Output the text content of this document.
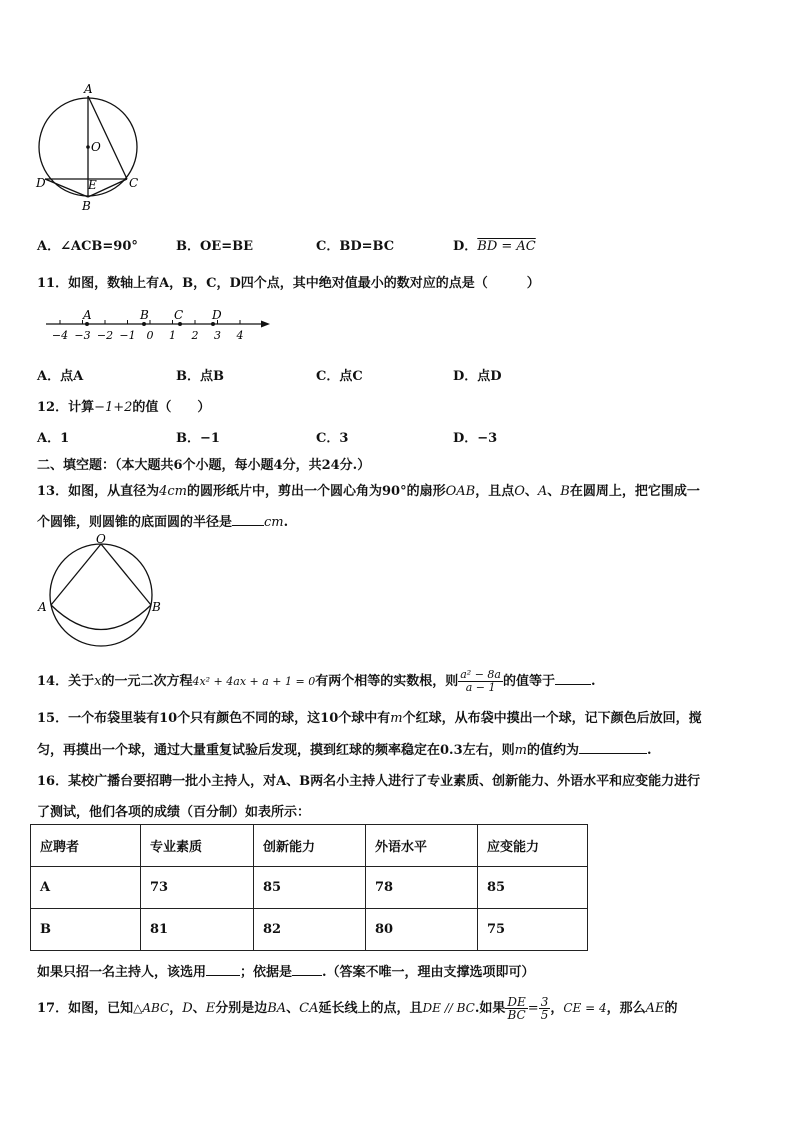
A
O
D	E	C
B
A．∠ACB=90°	B．OE=BE	C．BD=BC	D．BD = AC
11．如图，数轴上有A，B，C，D四个点，其中绝对值最小的数对应的点是（　　　）
−4 −3 −2 −1 0 1 2 3 4
A	B C D
A．点A	B．点B	C．点C	D．点D
12．计算−1+2的值（　　）
A．1	B．−1	C．3	D．−3
二、填空题：（本大题共6个小题，每小题4分，共24分.）
13．如图，从直径为4cm的圆形纸片中，剪出一个圆心角为90°的扇形OAB，且点O、A、B在圆周上，把它围成一
个圆锥，则圆锥的底面圆的半径是 cm.
O
A	B
14．关于x的一元二次方程4x² + 4ax + a + 1 = 0有两个相等的实数根，则 $\frac{\text{a² − 8a}}{a - 1}$ 的值等于	.
15．一个布袋里装有10个只有颜色不同的球，这10个球中有m个红球，从布袋中摸出一个球，记下颜色后放回，搅
匀，再摸出一个球，通过大量重复试验后发现，摸到红球的频率稳定在0.3左右，则m的值约为	.
16．某校广播台要招聘一批小主持人，对A、B两名小主持人进行了专业素质、创新能力、外语水平和应变能力进行
了测试，他们各项的成绩（百分制）如表所示：
应聘者	专业素质	创新能力	外语水平	应变能力
A	73	85	78	85
B	81	82	80	75
如果只招一名主持人，该选用	；依据是 .（答案不唯一，理由支撑选项即可）
17．如图，已知△ABC，D、E分别是边BA、CA延长线上的点，且DE // BC.如果 $\frac{DE}{BC} = \frac{3}{5}$ ，CE = 4，那么AE的
